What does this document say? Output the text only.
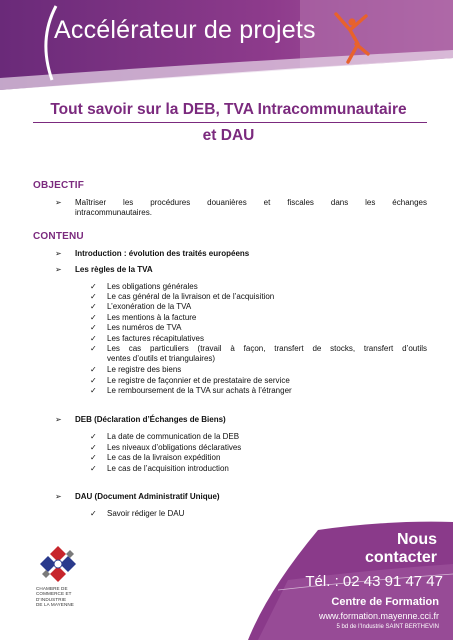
Accélérateur de projets
Tout savoir sur la DEB, TVA Intracommunautaire
et DAU
OBJECTIF
➢ Maîtriser les procédures douanières et fiscales dans les échanges
intracommunautaires.
CONTENU
➢ Introduction : évolution des traités européens
➢ Les règles de la TVA
✓ Les obligations générales
✓ Le cas général de la livraison et de l’acquisition
✓ L’exonération de la TVA
✓ Les mentions à la facture
✓ Les numéros de TVA
✓ Les factures récapitulatives
✓ Les cas particuliers (travail à façon, transfert de stocks, transfert d’outils
ventes d’outils et triangulaires)
✓ Le registre des biens
✓ Le registre de façonnier et de prestataire de service
✓ Le remboursement de la TVA sur achats à l’étranger
➢ DEB (Déclaration d’Échanges de Biens)
✓ La date de communication de la DEB
✓ Les niveaux d’obligations déclaratives
✓ Le cas de la livraison expédition
✓ Le cas de l’acquisition introduction
➢ DAU (Document Administratif Unique)
✓ Savoir rédiger le DAU
CHAMBRE DE
COMMERCE ET
D’INDUSTRIE
DE LA MAYENNE
Nous
contacter
Tél. : 02 43 91 47 47
Centre de Formation
www.formation.mayenne.cci.fr
5 bd de l’Industrie SAINT BERTHEVIN
